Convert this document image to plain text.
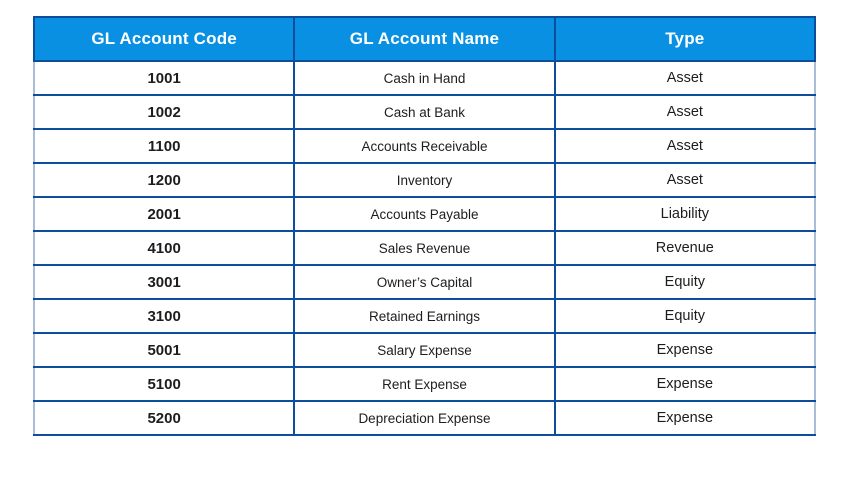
GL Account Code	GL Account Name	Type
1001	Cash in Hand	Asset
1002	Cash at Bank	Asset
1100	Accounts Receivable	Asset
1200	Inventory	Asset
2001	Accounts Payable	Liability
4100	Sales Revenue	Revenue
3001	Owner’s Capital	Equity
3100	Retained Earnings	Equity
5001	Salary Expense	Expense
5100	Rent Expense	Expense
5200	Depreciation Expense	Expense
